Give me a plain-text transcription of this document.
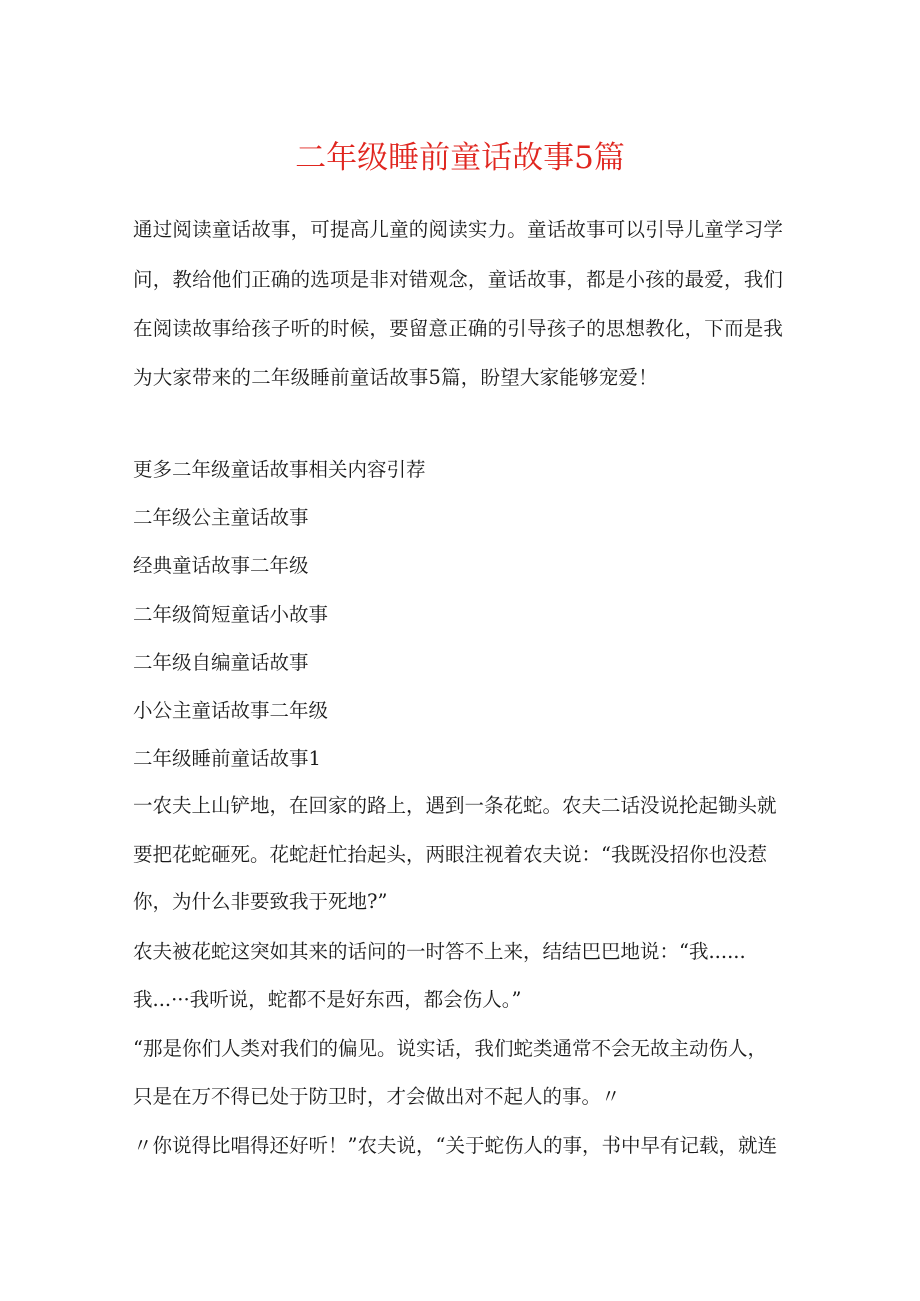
二年级睡前童话故事5篇
通过阅读童话故事，可提高儿童的阅读实力。童话故事可以引导儿童学习学
问，教给他们正确的选项是非对错观念，童话故事，都是小孩的最爱，我们
在阅读故事给孩子听的时候，要留意正确的引导孩子的思想教化，下而是我
为大家带来的二年级睡前童话故事5篇，盼望大家能够宠爱！
更多二年级童话故事相关内容引荐
二年级公主童话故事
经典童话故事二年级
二年级简短童话小故事
二年级自编童话故事
小公主童话故事二年级
二年级睡前童话故事1
一农夫上山铲地，在回家的路上，遇到一条花蛇。农夫二话没说抡起锄头就
要把花蛇砸死。花蛇赶忙抬起头，两眼注视着农夫说：“我既没招你也没惹
你，为什么非要致我于死地?”
农夫被花蛇这突如其来的话问的一时答不上来，结结巴巴地说：“我......
我...···我听说，蛇都不是好东西，都会伤人。”
“那是你们人类对我们的偏见。说实话，我们蛇类通常不会无故主动伤人，
只是在万不得已处于防卫时，才会做出对不起人的事。〃
〃你说得比唱得还好听！”农夫说，“关于蛇伤人的事，书中早有记载，就连
